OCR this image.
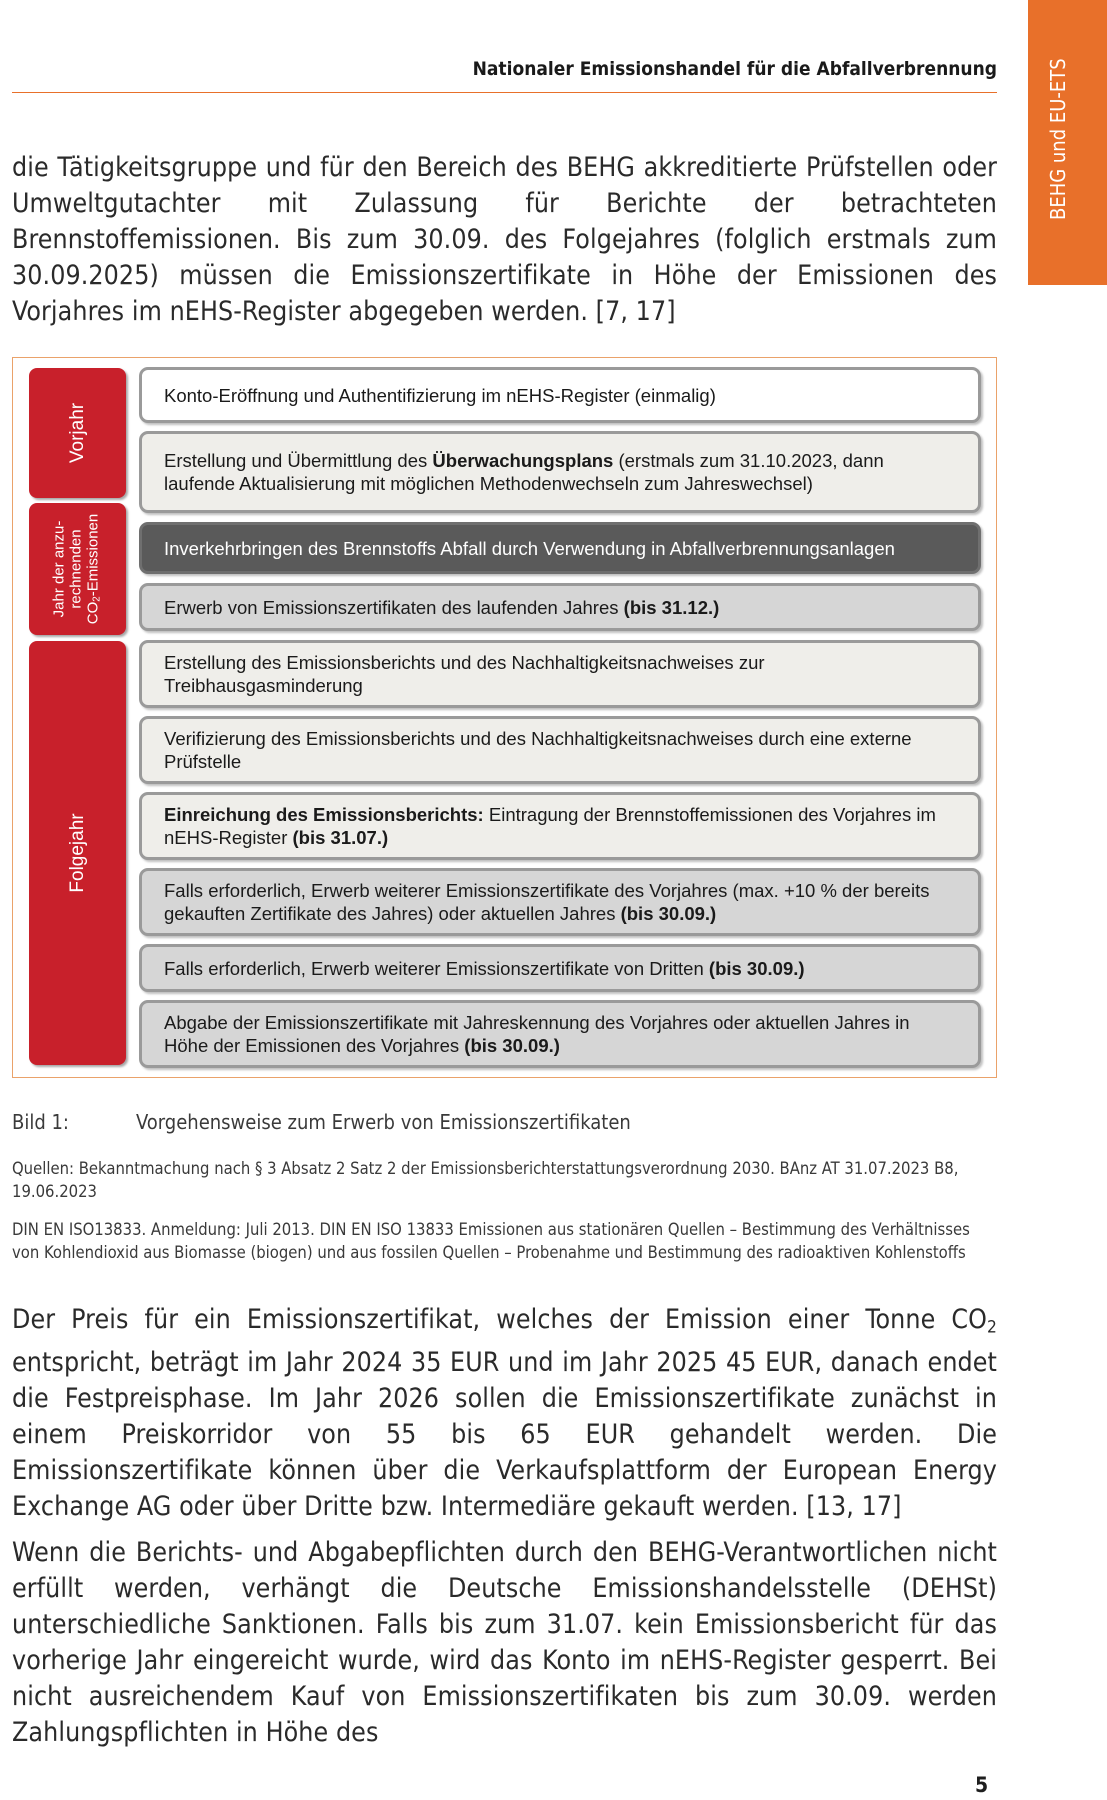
BEHG und EU-ETS
Nationaler Emissionshandel für die Abfallverbrennung

die Tätigkeitsgruppe und für den Bereich des BEHG akkreditierte Prüfstellen oder Umweltgutachter mit Zulassung für Berichte der betrachteten Brennstoffemissionen. Bis zum 30.09. des Folgejahres (folglich erstmals zum 30.09.2025) müssen die Emissionszertifikate in Höhe der Emissionen des Vorjahres im nEHS-Register abgegeben werden. [7, 17]

Vorjahr
Jahr der anzu- rechnenden
$CO_2$-Emissionen
Folgejahr
Konto-Eröffnung und Authentifizierung im nEHS-Register (einmalig)
Erstellung und Übermittlung des Überwachungsplans (erstmals zum 31.10.2023, dann laufende Aktualisierung mit möglichen Methodenwechseln zum Jahreswechsel)
Inverkehrbringen des Brennstoffs Abfall durch Verwendung in Abfallverbrennungsanlagen
Erwerb von Emissionszertifikaten des laufenden Jahres (bis 31.12.)
Erstellung des Emissionsberichts und des Nachhaltigkeitsnachweises zur Treibhausgasminderung
Verifizierung des Emissionsberichts und des Nachhaltigkeitsnachweises durch eine externe Prüfstelle
Einreichung des Emissionsberichts: Eintragung der Brennstoffemissionen des Vorjahres im nEHS-Register (bis 31.07.)
Falls erforderlich, Erwerb weiterer Emissionszertifikate des Vorjahres (max. +10 % der bereits gekauften Zertifikate des Jahres) oder aktuellen Jahres (bis 30.09.)
Falls erforderlich, Erwerb weiterer Emissionszertifikate von Dritten (bis 30.09.)
Abgabe der Emissionszertifikate mit Jahreskennung des Vorjahres oder aktuellen Jahres in Höhe der Emissionen des Vorjahres (bis 30.09.)
Bild 1:	Vorgehensweise zum Erwerb von Emissionszertifikaten

Quellen: Bekanntmachung nach § 3 Absatz 2 Satz 2 der Emissionsberichterstattungsverordnung 2030. BAnz AT 31.07.2023 B8, 19.06.2023

DIN EN ISO13833. Anmeldung: Juli 2013. DIN EN ISO 13833 Emissionen aus stationären Quellen – Bestimmung des Verhältnisses von Kohlendioxid aus Biomasse (biogen) und aus fossilen Quellen – Probenahme und Bestimmung des radioaktiven Kohlenstoffs

Der Preis für ein Emissionszertifikat, welches der Emission einer Tonne $CO_2$ entspricht, beträgt im Jahr 2024 35 EUR und im Jahr 2025 45 EUR, danach endet die Festpreisphase. Im Jahr 2026 sollen die Emissionszertifikate zunächst in einem Preiskorridor von 55 bis 65 EUR gehandelt werden. Die Emissionszertifikate können über die Verkaufsplattform der European Energy Exchange AG oder über Dritte bzw. Intermediäre gekauft werden. [13, 17]

Wenn die Berichts- und Abgabepflichten durch den BEHG-Verantwortlichen nicht erfüllt werden, verhängt die Deutsche Emissionshandelsstelle (DEHSt) unterschiedliche Sanktionen. Falls bis zum 31.07. kein Emissionsbericht für das vorherige Jahr eingereicht wurde, wird das Konto im nEHS-Register gesperrt. Bei nicht ausreichendem Kauf von Emissionszertifikaten bis zum 30.09. werden Zahlungspflichten in Höhe des

5
